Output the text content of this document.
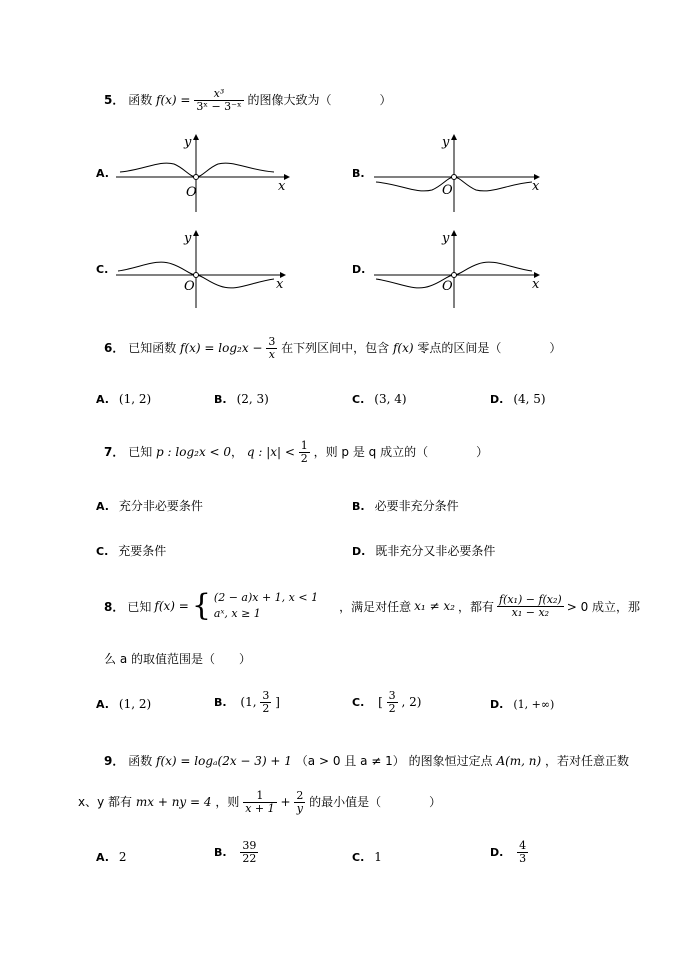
5． 函数 $f(x) = \frac{\text{x³}}{\text{3ˣ − 3⁻ˣ}}$ 的图像大致为（　　　　）
A.
O	x
y
B.
O	x
y
C.
O	x
y
D.
O	x
y
6． 已知函数 $f(x) = \log_2x - \frac{3}{x}$ 在下列区间中，包含 f(x) 零点的区间是（　　　　）
A. (1, 2)	B. (2, 3)	C. (3, 4)	D. (4, 5)
7． 已知 p : log₂x < 0， q : $|x| < \frac{1}{2}$ ，则 p 是 q 成立的（　　　　）
A. 充分非必要条件	B. 必要非充分条件
C. 充要条件	D. 既非充分又非必要条件
8． 已知 f(x) = { (2 − a)x + 1, x < 1
aˣ, x ≥ 1	，满足对任意 x₁ ≠ x₂ ，都有 $\frac{\text{f(x₁) − f(x₂)}}{\text{x₁ − x₂}} > 0$ 成立，那
么 a 的取值范围是（　　）
A. (1, 2)	B. (1, $\frac{3}{2}$ ]	C. [ $\frac{3}{2}$ , 2)	D. (1, +∞)
9． 函数 f(x) = logₐ(2x − 3) + 1 （a > 0 且 a ≠ 1） 的图象恒过定点 A(m, n) ，若对任意正数
x、y 都有 mx + ny = 4 ，则 $\frac{1}{x + 1} + \frac{2}{y}$ 的最小值是（　　　　）
A. 2	B. $\frac{39}{22}$	C. 1	D. $\frac{4}{3}$
